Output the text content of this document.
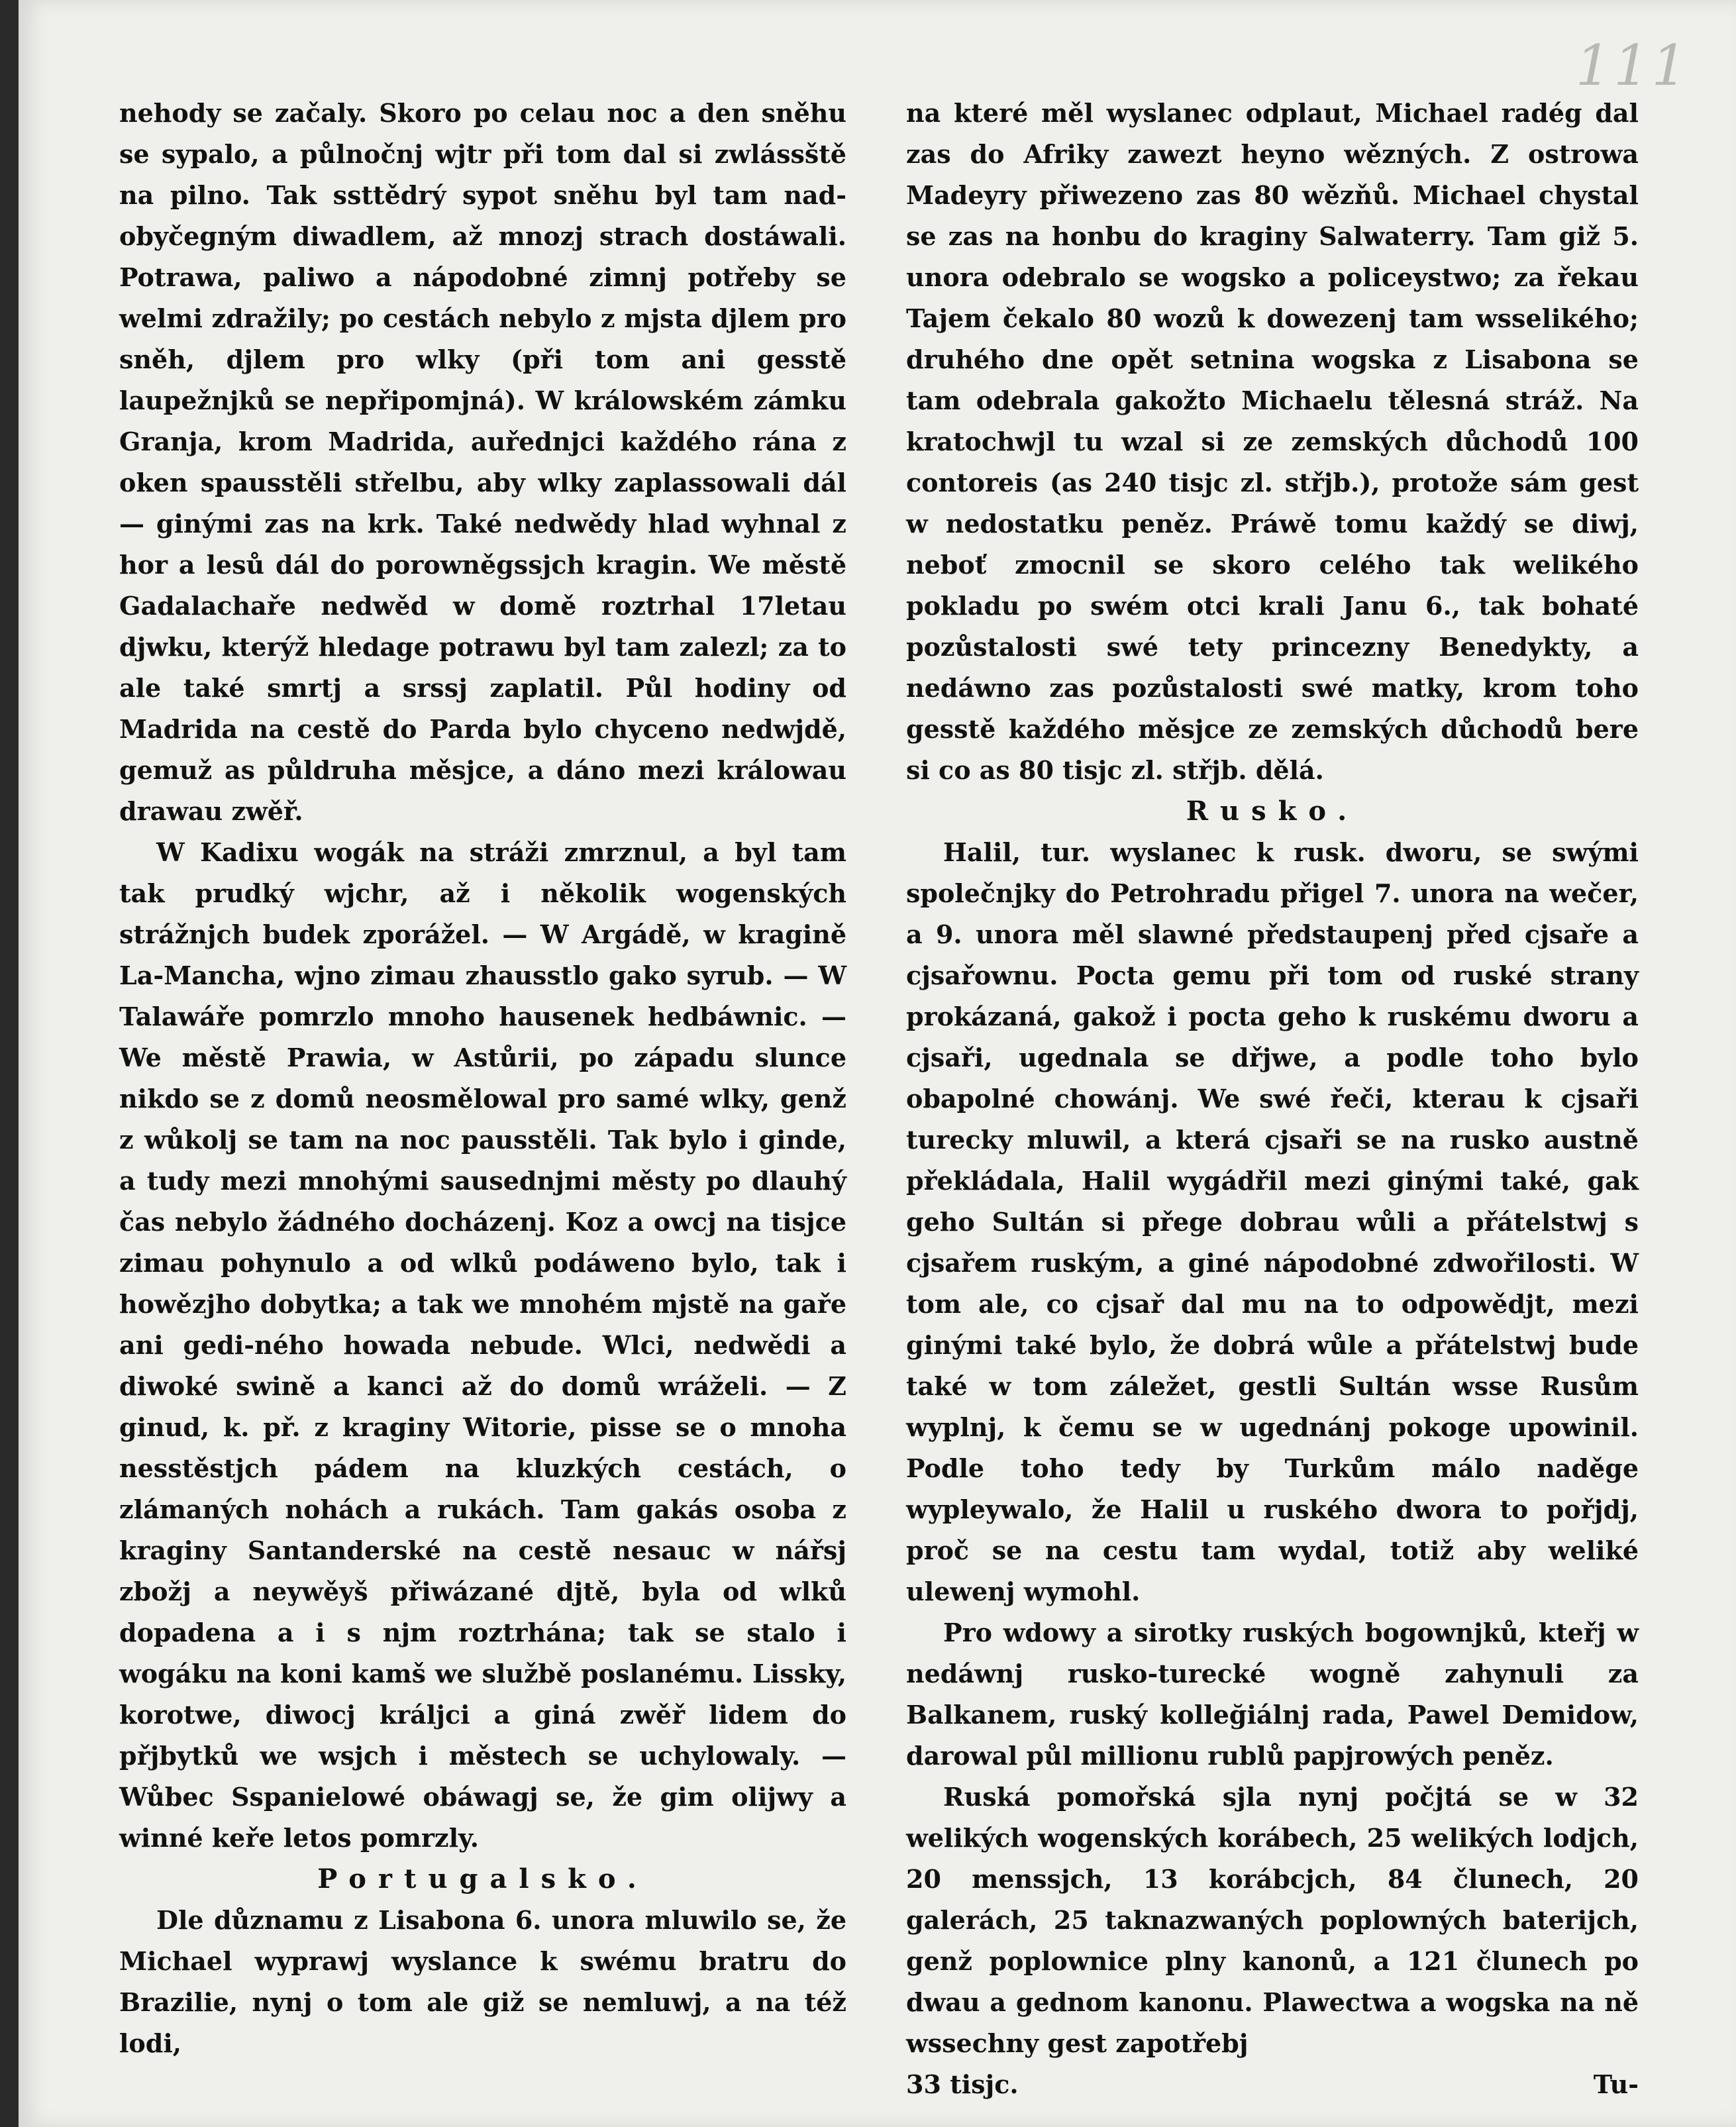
111

nehody se začaly. Skoro po celau noc a den sněhu se sypalo, a půlnočnj wjtr při tom dal si zwlássště na pilno. Tak ssttědrý sypot sněhu byl tam nad-obyčegným diwadlem, až mnozj strach dostáwali. Potrawa, paliwo a nápodobné zimnj potřeby se welmi zdražily; po cestách nebylo z mjsta djlem pro sněh, djlem pro wlky (při tom ani gesstě laupežnjků se nepřipomjná). W králowském zámku Granja, krom Madrida, auřednjci každého rána z oken spausstěli střelbu, aby wlky zaplassowali dál — ginými zas na krk. Také nedwědy hlad wyhnal z hor a lesů dál do porowněgssjch kragin. We městě Gadalachaře nedwěd w domě roztrhal 17letau djwku, kterýž hledage potrawu byl tam zalezl; za to ale také smrtj a srssj zaplatil. Půl hodiny od Madrida na cestě do Parda bylo chyceno nedwjdě, gemuž as půldruha měsjce, a dáno mezi králowau drawau zwěř.

W Kadixu wogák na stráži zmrznul, a byl tam tak prudký wjchr, až i několik wogenských strážnjch budek zporážel. — W Argádě, w kragině La-Mancha, wjno zimau zhausstlo gako syrub. — W Talawáře pomrzlo mnoho hausenek hedbáwnic. — We městě Prawia, w Astůrii, po západu slunce nikdo se z domů neosmělowal pro samé wlky, genž z wůkolj se tam na noc pausstěli. Tak bylo i ginde, a tudy mezi mnohými sausednjmi městy po dlauhý čas nebylo žádného docházenj. Koz a owcj na tisjce zimau pohynulo a od wlků podáweno bylo, tak i howězjho dobytka; a tak we mnohém mjstě na gaře ani gedi-ného howada nebude. Wlci, nedwědi a diwoké swině a kanci až do domů wráželi. — Z ginud, k. př. z kraginy Witorie, pisse se o mnoha nesstěstjch pádem na kluzkých cestách, o zlámaných nohách a rukách. Tam gakás osoba z kraginy Santanderské na cestě nesauc w nářsj zbožj a neywěyš přiwázané djtě, byla od wlků dopadena a i s njm roztrhána; tak se stalo i wogáku na koni kamš we službě poslanému. Lissky, korotwe, diwocj králjci a giná zwěř lidem do přjbytků we wsjch i městech se uchylowaly. — Wůbec Sspanielowé obáwagj se, že gim olijwy a winné keře letos pomrzly.

Portugalsko.

Dle důznamu z Lisabona 6. unora mluwilo se, že Michael wyprawj wyslance k swému bratru do Brazilie, nynj o tom ale giž se nemluwj, a na též lodi,

na které měl wyslanec odplaut, Michael radég dal zas do Afriky zawezt heyno wězných. Z ostrowa Madeyry přiwezeno zas 80 wězňů. Michael chystal se zas na honbu do kraginy Salwaterry. Tam giž 5. unora odebralo se wogsko a policeystwo; za řekau Tajem čekalo 80 wozů k dowezenj tam wsselikého; druhého dne opět setnina wogska z Lisabona se tam odebrala gakožto Michaelu tělesná stráž. Na kratochwjl tu wzal si ze zemských důchodů 100 contoreis (as 240 tisjc zl. střjb.), protože sám gest w nedostatku peněz. Práwě tomu každý se diwj, neboť zmocnil se skoro celého tak welikého pokladu po swém otci krali Janu 6., tak bohaté pozůstalosti swé tety princezny Benedykty, a nedáwno zas pozůstalosti swé matky, krom toho gesstě každého měsjce ze zemských důchodů bere si co as 80 tisjc zl. střjb. dělá.

Rusko.

Halil, tur. wyslanec k rusk. dworu, se swými společnjky do Petrohradu přigel 7. unora na wečer, a 9. unora měl slawné předstaupenj před cjsaře a cjsařownu. Pocta gemu při tom od ruské strany prokázaná, gakož i pocta geho k ruskému dworu a cjsaři, ugednala se dřjwe, a podle toho bylo obapolné chowánj. We swé řeči, kterau k cjsaři turecky mluwil, a která cjsaři se na rusko austně překládala, Halil wygádřil mezi ginými také, gak geho Sultán si přege dobrau wůli a přátelstwj s cjsařem ruským, a giné nápodobné zdwořilosti. W tom ale, co cjsař dal mu na to odpowědjt, mezi ginými také bylo, že dobrá wůle a přátelstwj bude také w tom záležet, gestli Sultán wsse Rusům wyplnj, k čemu se w ugednánj pokoge upowinil. Podle toho tedy by Turkům málo naděge wypleywalo, že Halil u ruského dwora to pořjdj, proč se na cestu tam wydal, totiž aby weliké ulewenj wymohl.

Pro wdowy a sirotky ruských bogownjků, kteřj w nedáwnj rusko-turecké wogně zahynuli za Balkanem, ruský kolleğiálnj rada, Pawel Demidow, darowal půl millionu rublů papjrowých peněz.

Ruská pomořská sjla nynj počjtá se w 32 welikých wogenských korábech, 25 welikých lodjch, 20 menssjch, 13 korábcjch, 84 člunech, 20 galerách, 25 taknazwaných poplowných baterijch, genž poplownice plny kanonů, a 121 člunech po dwau a gednom kanonu. Plawectwa a wogska na ně wssechny gest zapotřebj

33 tisjc.	Tu-
